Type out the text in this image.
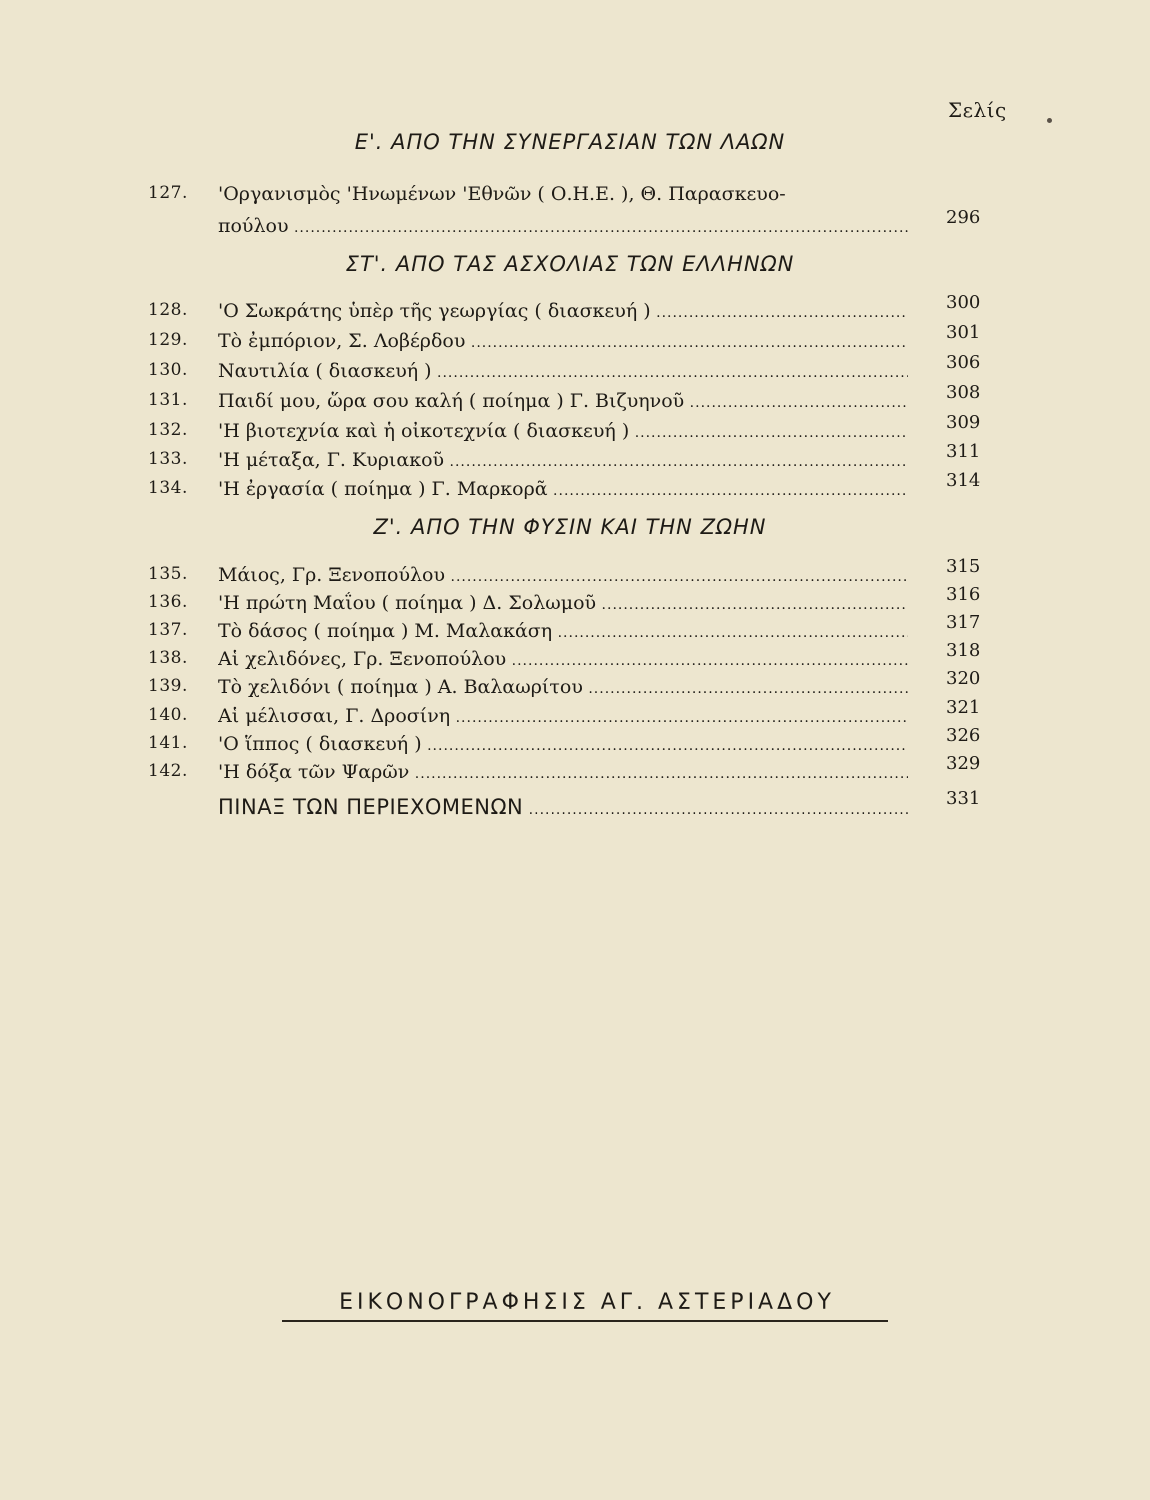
Σελίς
Ε'. ΑΠΟ ΤΗΝ ΣΥΝΕΡΓΑΣΙΑΝ ΤΩΝ ΛΑΩΝ
127. 'Οργανισμὸς 'Ηνωμένων 'Εθνῶν ( Ο.Η.Ε. ), Θ. Παρασκευο-
πούλου .....	296
ΣΤ'. ΑΠΟ ΤΑΣ ΑΣΧΟΛΙΑΣ ΤΩΝ ΕΛΛΗΝΩΝ
128.	'Ο Σωκράτης ὑπὲρ τῆς γεωργίας ( διασκευή ) .....	300
129.	Τὸ ἐμπόριον, Σ. Λοβέρδου .....	301
130.	Ναυτιλία ( διασκευή ) .....	306
131.	Παιδί μου, ὥρα σου καλή ( ποίημα ) Γ. Βιζυηνοῦ .....	308
132.	'Η βιοτεχνία καὶ ἡ οἰκοτεχνία ( διασκευή ) .....	309
133.	'Η μέταξα, Γ. Κυριακοῦ .....	311
134.	'Η ἐργασία ( ποίημα ) Γ. Μαρκορᾶ .....	314
Ζ'. ΑΠΟ ΤΗΝ ΦΥΣΙΝ ΚΑΙ ΤΗΝ ΖΩΗΝ
135.	Μάιος, Γρ. Ξενοπούλου .....	315
136.	'Η πρώτη Μαΐου ( ποίημα ) Δ. Σολωμοῦ .....	316
137.	Τὸ δάσος ( ποίημα ) Μ. Μαλακάση .....	317
138.	Αἱ χελιδόνες, Γρ. Ξενοπούλου .....	318
139.	Τὸ χελιδόνι ( ποίημα ) Α. Βαλαωρίτου .....	320
140.	Αἱ μέλισσαι, Γ. Δροσίνη .....	321
141.	'Ο ἵππος ( διασκευή ) .....	326
142.	'Η δόξα τῶν Ψαρῶν .....	329
ΠΙΝΑΞ ΤΩΝ ΠΕΡΙΕΧΟΜΕΝΩΝ .....	331
ΕΙΚΟΝΟΓΡΑΦΗΣΙΣ ΑΓ. ΑΣΤΕΡΙΑΔΟΥ
